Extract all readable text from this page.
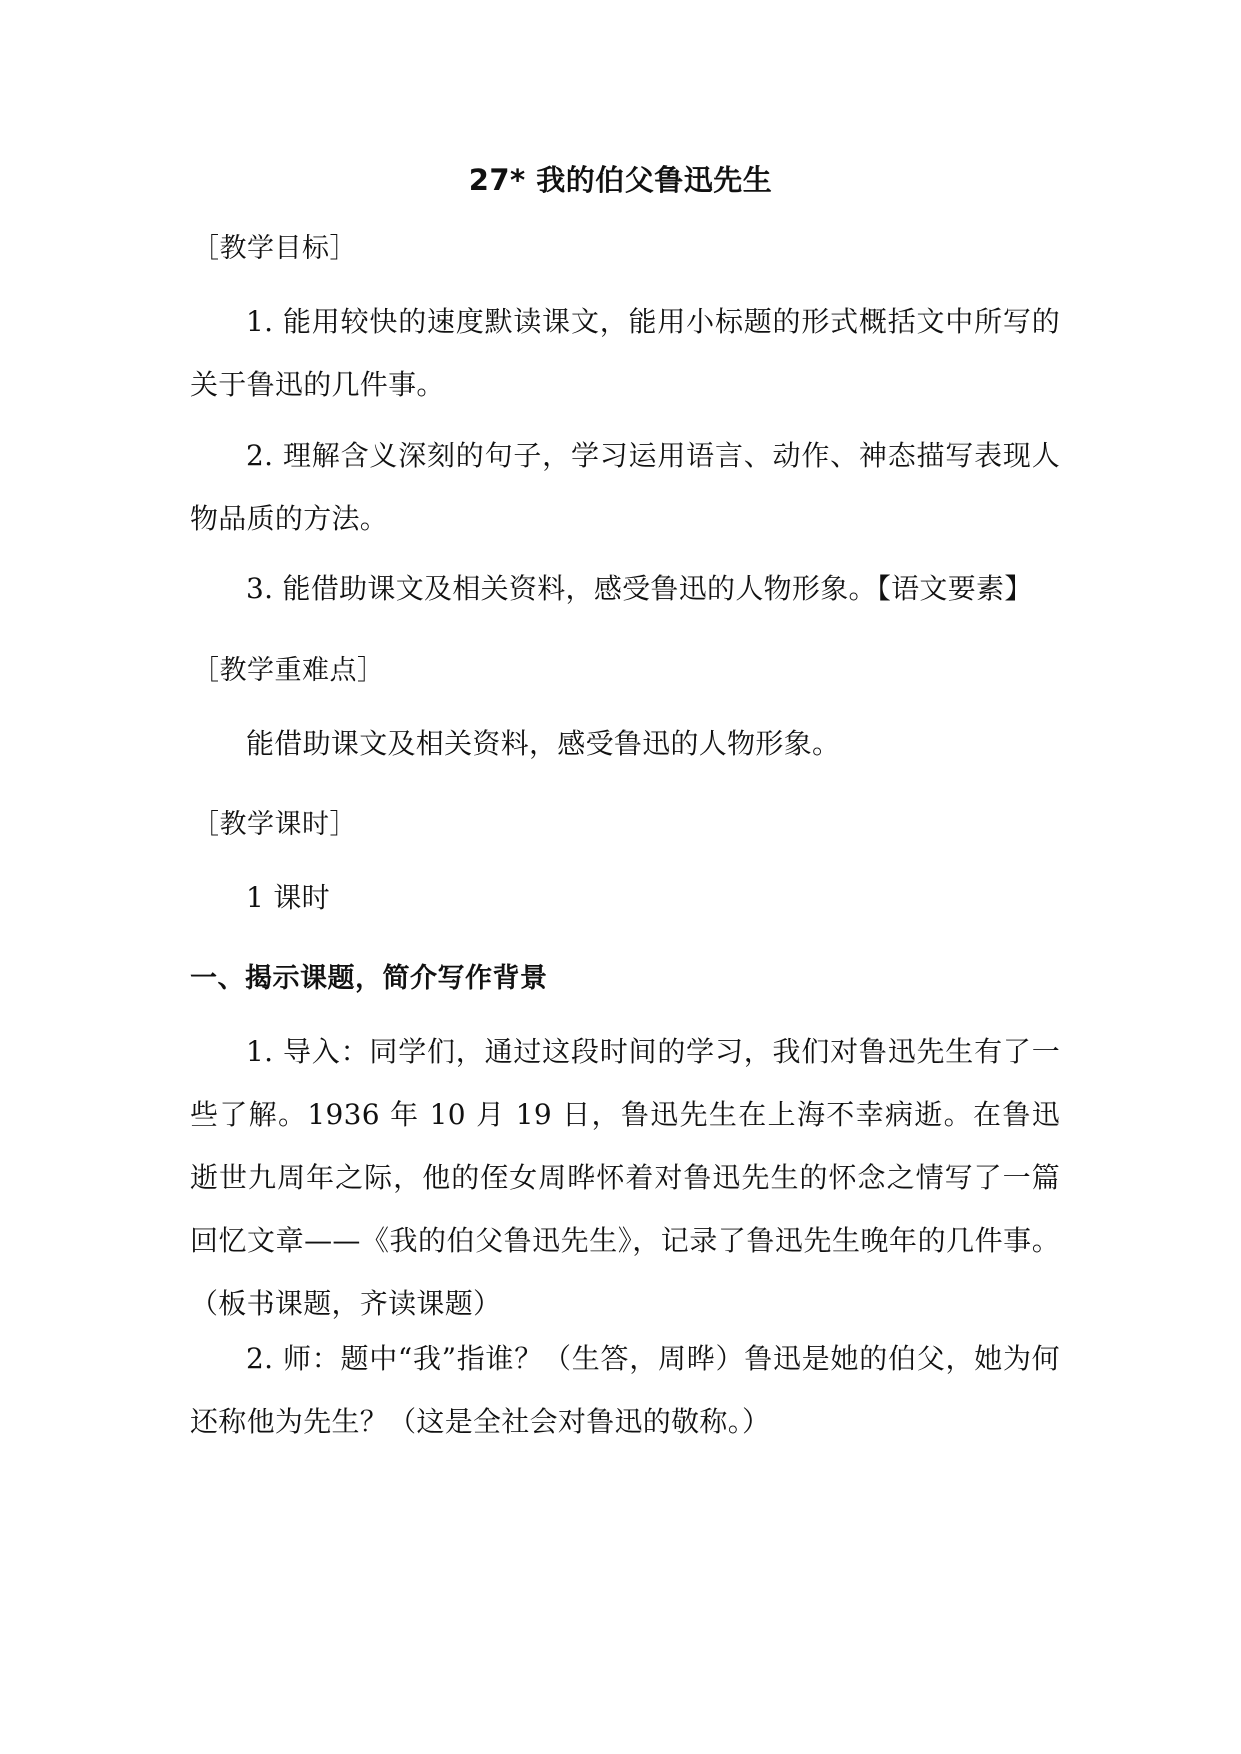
27* 我的伯父鲁迅先生
［教学目标］
1. 能用较快的速度默读课文，能用小标题的形式概括文中所写的关于鲁迅的几件事。
2. 理解含义深刻的句子，学习运用语言、动作、神态描写表现人物品质的方法。
3. 能借助课文及相关资料，感受鲁迅的人物形象。【语文要素】
［教学重难点］
能借助课文及相关资料，感受鲁迅的人物形象。
［教学课时］
1 课时
一、揭示课题，简介写作背景
1. 导入：同学们，通过这段时间的学习，我们对鲁迅先生有了一些了解。1936 年 10 月 19 日，鲁迅先生在上海不幸病逝。在鲁迅逝世九周年之际，他的侄女周晔怀着对鲁迅先生的怀念之情写了一篇回忆文章——《我的伯父鲁迅先生》，记录了鲁迅先生晚年的几件事。（板书课题，齐读课题）
2. 师：题中“我”指谁？（生答，周晔）鲁迅是她的伯父，她为何还称他为先生？（这是全社会对鲁迅的敬称。）
